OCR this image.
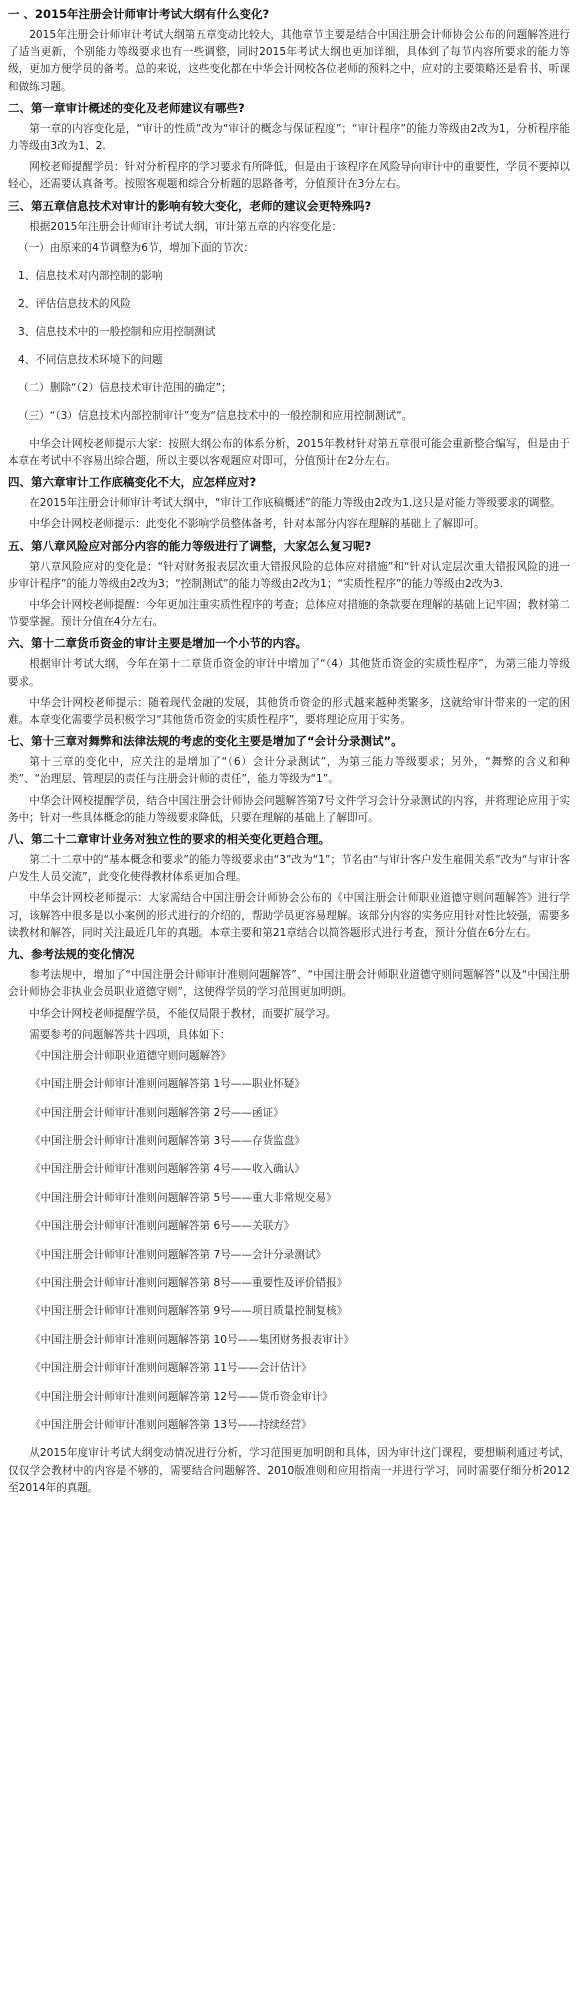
一 、2015年注册会计师审计考试大纲有什么变化?

2015年注册会计师审计考试大纲第五章变动比较大，其他章节主要是结合中国注册会计师协会公布的问题解答进行了适当更新，个别能力等级要求也有一些调整，同时2015年考试大纲也更加详细，具体到了每节内容所要求的能力等级，更加方便学员的备考。总的来说，这些变化都在中华会计网校各位老师的预料之中，应对的主要策略还是看书、听课和做练习题。

二、第一章审计概述的变化及老师建议有哪些?

第一章的内容变化是，“审计的性质”改为“审计的概念与保证程度”；“审计程序”的能力等级由2改为1，分析程序能力等级由3改为1、2.

网校老师提醒学员：针对分析程序的学习要求有所降低，但是由于该程序在风险导向审计中的重要性，学员不要掉以轻心，还需要认真备考。按照客观题和综合分析题的思路备考，分值预计在3分左右。

三、第五章信息技术对审计的影响有较大变化，老师的建议会更特殊吗?

根据2015年注册会计师审计考试大纲，审计第五章的内容变化是：

（一）由原来的4节调整为6节，增加下面的节次：
1、信息技术对内部控制的影响
2、评估信息技术的风险
3、信息技术中的一般控制和应用控制测试
4、不同信息技术环境下的问题
（二）删除“（2）信息技术审计范围的确定”；
（三）“（3）信息技术内部控制审计”变为“信息技术中的一般控制和应用控制测试”。

中华会计网校老师提示大家：按照大纲公布的体系分析，2015年教材针对第五章很可能会重新整合编写，但是由于本章在考试中不容易出综合题，所以主要以客观题应对即可，分值预计在2分左右。

四、第六章审计工作底稿变化不大，应怎样应对?

在2015年注册会计师审计考试大纲中，“审计工作底稿概述”的能力等级由2改为1.这只是对能力等级要求的调整。

中华会计网校老师提示：此变化不影响学员整体备考，针对本部分内容在理解的基础上了解即可。

五、第八章风险应对部分内容的能力等级进行了调整，大家怎么复习呢?

第八章风险应对的变化是：“针对财务报表层次重大错报风险的总体应对措施”和“针对认定层次重大错报风险的进一步审计程序”的能力等级由2改为3；“控制测试”的能力等级由2改为1；“实质性程序”的能力等级由2改为3.

中华会计网校老师提醒：今年更加注重实质性程序的考查；总体应对措施的条款要在理解的基础上记牢固；教材第二节要掌握。预计分值在4分左右。

六、第十二章货币资金的审计主要是增加一个小节的内容。

根据审计考试大纲，今年在第十二章货币资金的审计中增加了“（4）其他货币资金的实质性程序”，为第三能力等级要求。

中华会计网校老师提示：随着现代金融的发展，其他货币资金的形式越来越种类繁多，这就给审计带来的一定的困难。本章变化需要学员积极学习“其他货币资金的实质性程序”，要将理论应用于实务。

七、第十三章对舞弊和法律法规的考虑的变化主要是增加了“会计分录测试”。

第十三章的变化中，应关注的是增加了“（6）会计分录测试”，为第三能力等级要求；另外，“舞弊的含义和种类”、“治理层、管理层的责任与注册会计师的责任”，能力等级为“1”。

中华会计网校提醒学员，结合中国注册会计师协会问题解答第7号文件学习会计分录测试的内容，并将理论应用于实务中；针对一些具体概念的能力等级要求降低，只要在理解的基础上了解即可。

八、第二十二章审计业务对独立性的要求的相关变化更趋合理。

第二十二章中的“基本概念和要求”的能力等级要求由“3”改为“1”；节名由“与审计客户发生雇佣关系”改为“与审计客户发生人员交流”，此变化使得教材体系更加合理。

中华会计网校老师提示：大家需结合中国注册会计师协会公布的《中国注册会计师职业道德守则问题解答》进行学习，该解答中很多是以小案例的形式进行的介绍的，帮助学员更容易理解。该部分内容的实务应用针对性比较强，需要多读教材和解答，同时关注最近几年的真题。本章主要和第21章结合以简答题形式进行考查，预计分值在6分左右。

九、参考法规的变化情况

参考法规中，增加了“中国注册会计师审计准则问题解答”、“中国注册会计师职业道德守则问题解答”以及“中国注册会计师协会非执业会员职业道德守则”，这使得学员的学习范围更加明朗。

中华会计网校老师提醒学员，不能仅局限于教材，而要扩展学习。

需要参考的问题解答共十四项，具体如下：

《中国注册会计师职业道德守则问题解答》
《中国注册会计师审计准则问题解答第 1号——职业怀疑》
《中国注册会计师审计准则问题解答第 2号——函证》
《中国注册会计师审计准则问题解答第 3号——存货监盘》
《中国注册会计师审计准则问题解答第 4号——收入确认》
《中国注册会计师审计准则问题解答第 5号——重大非常规交易》
《中国注册会计师审计准则问题解答第 6号——关联方》
《中国注册会计师审计准则问题解答第 7号——会计分录测试》
《中国注册会计师审计准则问题解答第 8号——重要性及评价错报》
《中国注册会计师审计准则问题解答第 9号——项目质量控制复核》
《中国注册会计师审计准则问题解答第 10号——集团财务报表审计》
《中国注册会计师审计准则问题解答第 11号——会计估计》
《中国注册会计师审计准则问题解答第 12号——货币资金审计》
《中国注册会计师审计准则问题解答第 13号——持续经营》

从2015年度审计考试大纲变动情况进行分析，学习范围更加明朗和具体，因为审计这门课程，要想顺利通过考试，仅仅学会教材中的内容是不够的，需要结合问题解答、2010版准则和应用指南一并进行学习，同时需要仔细分析2012至2014年的真题。
